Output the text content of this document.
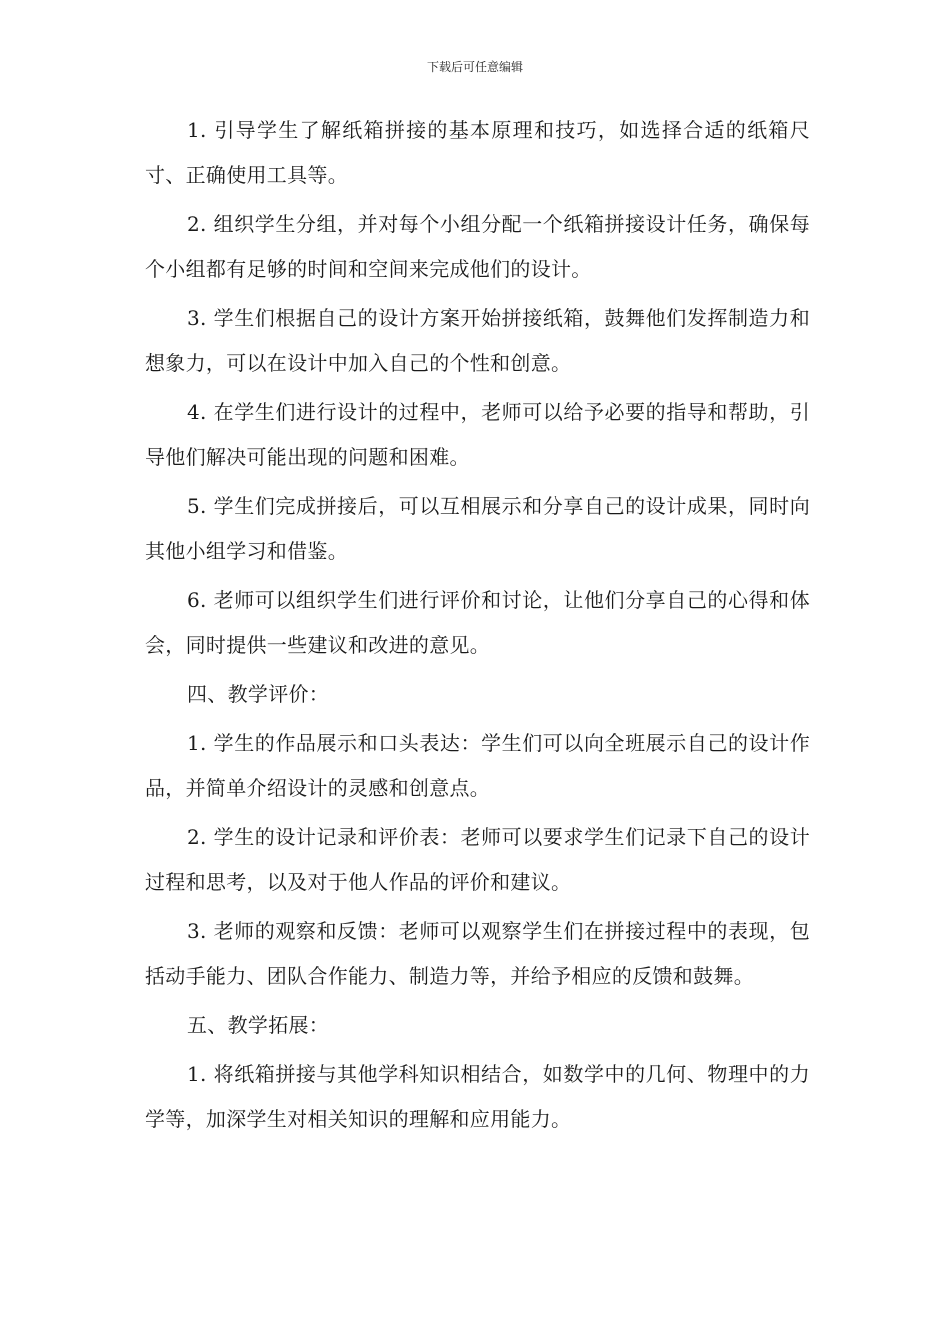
下载后可任意编辑

1. 引导学生了解纸箱拼接的基本原理和技巧，如选择合适的纸箱尺寸、正确使用工具等。

2. 组织学生分组，并对每个小组分配一个纸箱拼接设计任务，确保每个小组都有足够的时间和空间来完成他们的设计。

3. 学生们根据自己的设计方案开始拼接纸箱，鼓舞他们发挥制造力和想象力，可以在设计中加入自己的个性和创意。

4. 在学生们进行设计的过程中，老师可以给予必要的指导和帮助，引导他们解决可能出现的问题和困难。

5. 学生们完成拼接后，可以互相展示和分享自己的设计成果，同时向其他小组学习和借鉴。

6. 老师可以组织学生们进行评价和讨论，让他们分享自己的心得和体会，同时提供一些建议和改进的意见。

四、教学评价：

1. 学生的作品展示和口头表达：学生们可以向全班展示自己的设计作品，并简单介绍设计的灵感和创意点。

2. 学生的设计记录和评价表：老师可以要求学生们记录下自己的设计过程和思考，以及对于他人作品的评价和建议。

3. 老师的观察和反馈：老师可以观察学生们在拼接过程中的表现，包括动手能力、团队合作能力、制造力等，并给予相应的反馈和鼓舞。

五、教学拓展：

1. 将纸箱拼接与其他学科知识相结合，如数学中的几何、物理中的力学等，加深学生对相关知识的理解和应用能力。
